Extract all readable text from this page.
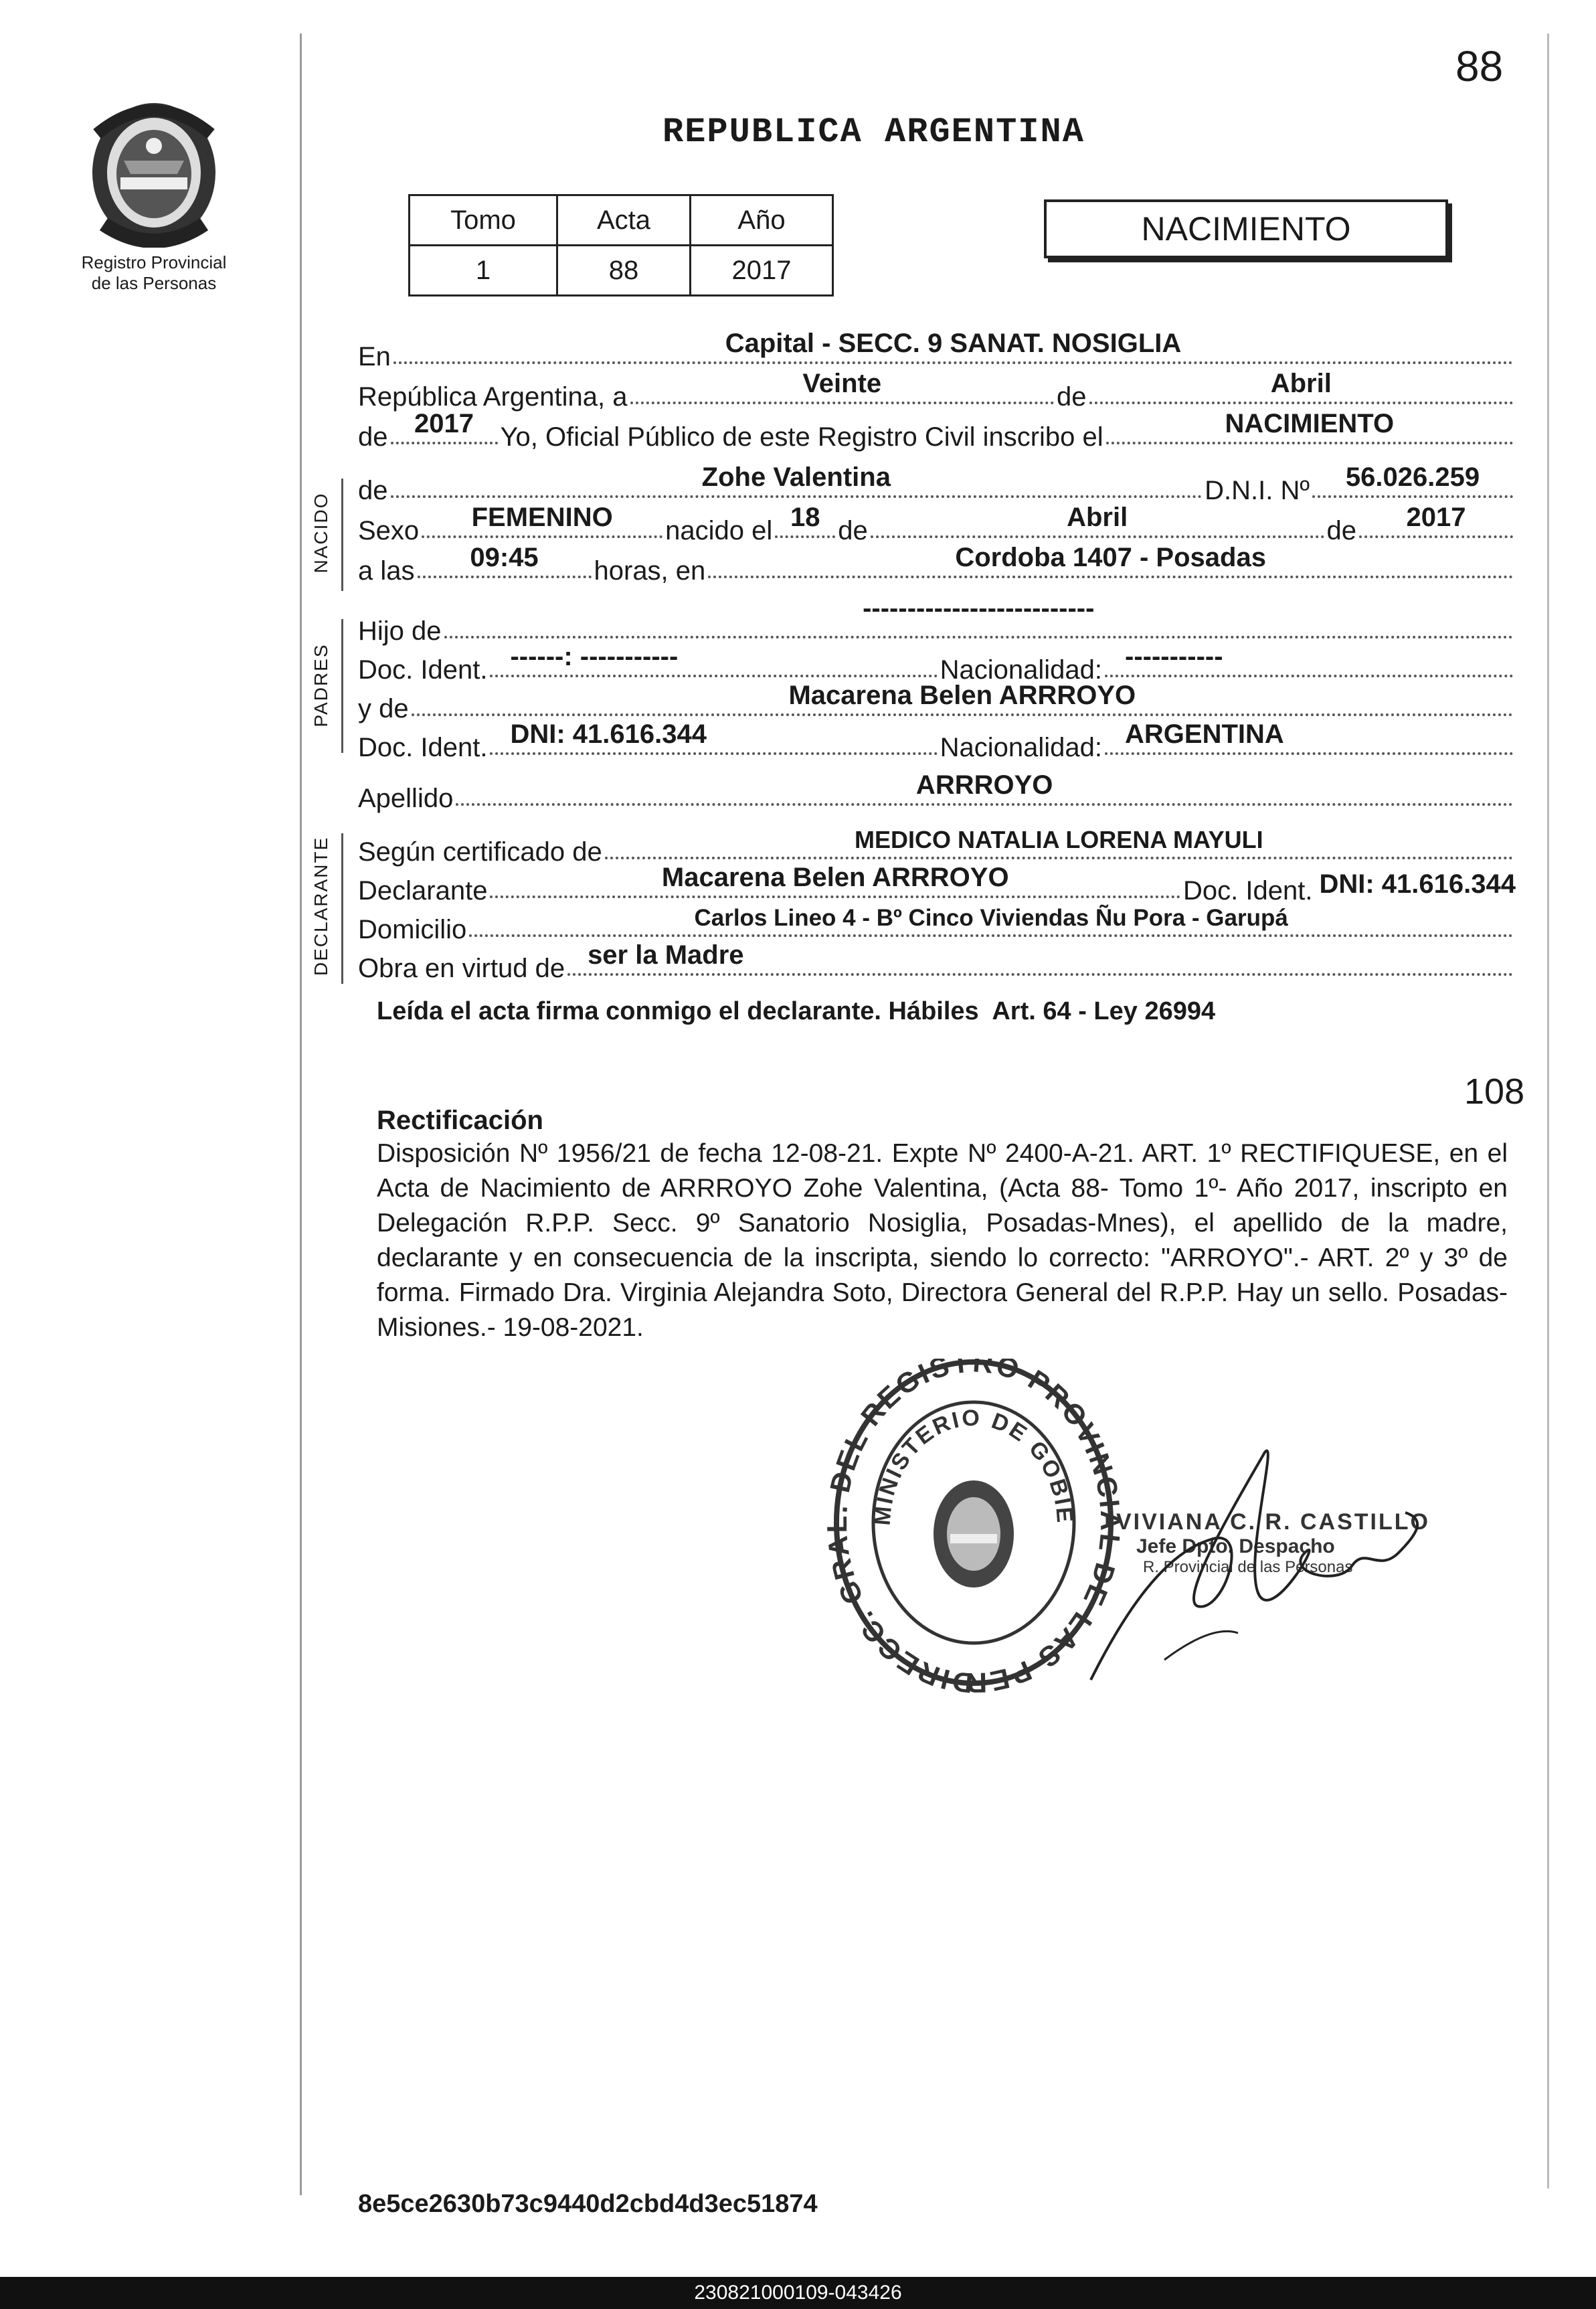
88
Registro Provincial
de las Personas
REPUBLICA ARGENTINA
Tomo	Acta	Año
1	88	2017
NACIMIENTO
En	Capital - SECC. 9 SANAT. NOSIGLIA
República Argentina, a	Veinte	de	Abril
de 2017 Yo, Oficial Público de este Registro Civil inscribo el	NACIMIENTO
NACIDO
de	Zohe Valentina	D.N.I. Nº 56.026.259
Sexo FEMENINO nacido el 18 de	Abril	de 2017
a las 09:45 horas, en	Cordoba 1407 - Posadas
PADRES
Hijo de
--------------------------
Doc. Ident. ------: -----------	Nacionalidad: -----------
y de	Macarena Belen ARRROYO
Doc. Ident. DNI: 41.616.344	Nacionalidad: ARGENTINA
Apellido	ARRROYO
DECLARANTE Según certificado de	MEDICO NATALIA LORENA MAYULI
Declarante	Macarena Belen ARRROYO	Doc. Ident. DNI: 41.616.344
Domicilio	Carlos Lineo 4 - Bº Cinco Viviendas Ñu Pora - Garupá
Obra en virtud de ser la Madre
Leída el acta firma conmigo el declarante. Hábiles  Art. 64 - Ley 26994
108
Rectificación
Disposición Nº 1956/21 de fecha 12-08-21. Expte Nº 2400-A-21. ART. 1º RECTIFIQUESE, en el Acta de Nacimiento de ARRROYO Zohe Valentina, (Acta 88- Tomo 1º- Año 2017, inscripto en Delegación R.P.P. Secc. 9º Sanatorio Nosiglia, Posadas-Mnes), el apellido de la madre, declarante y en consecuencia de la inscripta, siendo lo correcto: "ARROYO".- ART. 2º y 3º de forma. Firmado Dra. Virginia Alejandra Soto, Directora General del R.P.P. Hay un sello. Posadas- Misiones.- 19-08-2021.
DIRECC. GR DEL REGISTRO PROVIN DE LAS PER
MINISTERIO DE GOBIE VIVIANA C. R. CASTILLO
Jefe Dpto. Despacho
R. Provincial de las Personas
8e5ce2630b73c9440d2cbd4d3ec51874
230821000109-043426
